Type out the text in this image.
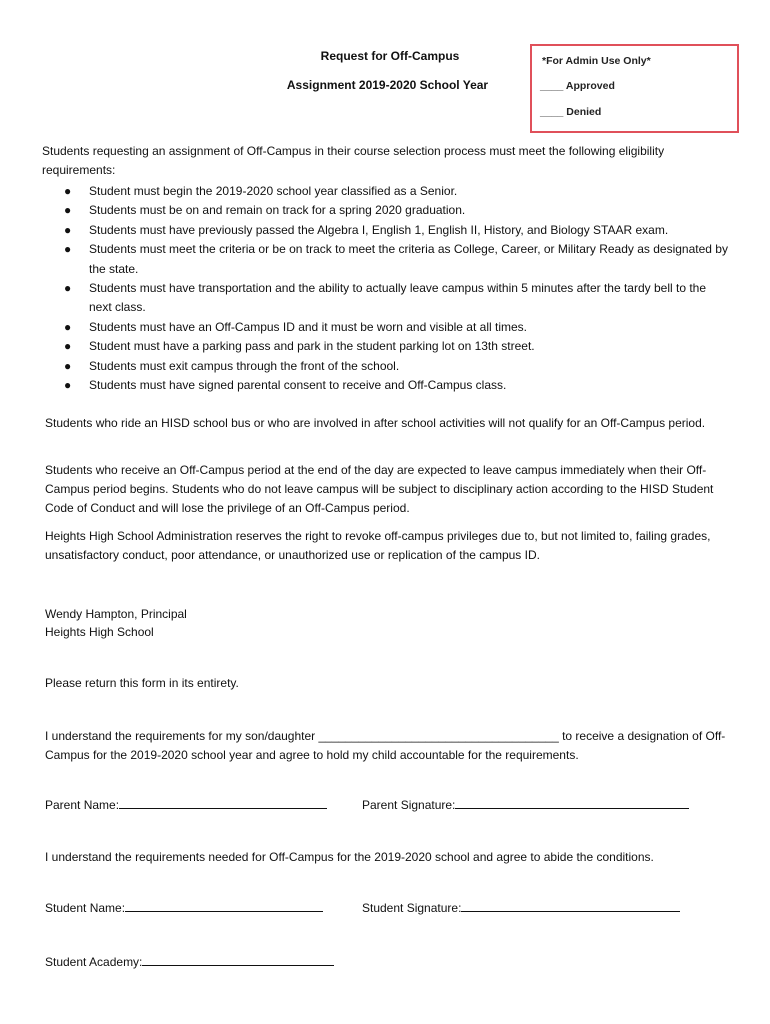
Request for Off-Campus
Assignment 2019-2020 School Year
*For Admin Use Only*
____ Approved
____ Denied
Students requesting an assignment of Off-Campus in their course selection process must meet the following eligibility requirements:
● Student must begin the 2019-2020 school year classified as a Senior.
● Students must be on and remain on track for a spring 2020 graduation.
● Students must have previously passed the Algebra I, English 1, English II, History, and Biology STAAR exam.
● Students must meet the criteria or be on track to meet the criteria as College, Career, or Military Ready as designated by the state.
● Students must have transportation and the ability to actually leave campus within 5 minutes after the tardy bell to the next class.
● Students must have an Off-Campus ID and it must be worn and visible at all times.
● Student must have a parking pass and park in the student parking lot on 13th street.
● Students must exit campus through the front of the school.
● Students must have signed parental consent to receive and Off-Campus class.
Students who ride an HISD school bus or who are involved in after school activities will not qualify for an Off-Campus period.
Students who receive an Off-Campus period at the end of the day are expected to leave campus immediately when their Off-Campus period begins. Students who do not leave campus will be subject to disciplinary action according to the HISD Student Code of Conduct and will lose the privilege of an Off-Campus period.
Heights High School Administration reserves the right to revoke off-campus privileges due to, but not limited to, failing grades, unsatisfactory conduct, poor attendance, or unauthorized use or replication of the campus ID.
Wendy Hampton, Principal
Heights High School
Please return this form in its entirety.
I understand the requirements for my son/daughter ____________________________________ to receive a designation of Off-Campus for the 2019-2020 school year and agree to hold my child accountable for the requirements.
Parent Name:	Parent Signature:
I understand the requirements needed for Off-Campus for the 2019-2020 school and agree to abide the conditions.
Student Name:	Student Signature:
Student Academy:
